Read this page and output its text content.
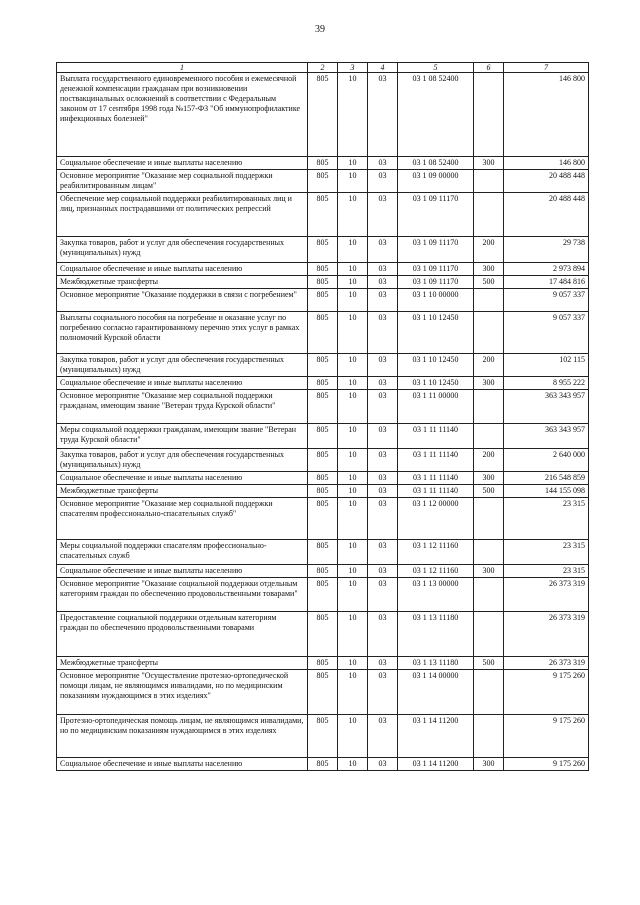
39
1	2	3	4	5	6	7
Выплата государственного единовременного пособия и ежемесячной денежной компенсации гражданам при возникновении поствакцинальных осложнений в соответствии с Федеральным законом от 17 сентября 1998 года №157-ФЗ "Об иммунопрофилактике инфекционных болезней"	805	10	03	03 1 08 52400		146 800
Социальное обеспечение и иные выплаты населению	805	10	03	03 1 08 52400	300	146 800
Основное мероприятие "Оказание мер социальной поддержки реабилитированным лицам"	805	10	03	03 1 09 00000		20 488 448
Обеспечение мер социальной поддержки реабилитированных лиц и лиц, признанных пострадавшими от политических репрессий	805	10	03	03 1 09 11170		20 488 448
Закупка товаров, работ и услуг для обеспечения государственных (муниципальных) нужд	805	10	03	03 1 09 11170	200	29 738
Социальное обеспечение и иные выплаты населению	805	10	03	03 1 09 11170	300	2 973 894
Межбюджетные трансферты	805	10	03	03 1 09 11170	500	17 484 816
Основное мероприятие "Оказание поддержки в связи с погребением"	805	10	03	03 1 10 00000		9 057 337
Выплаты социального пособия на погребение и оказание услуг по погребению согласно гарантированному перечню этих услуг в рамках полномочий Курской области	805	10	03	03 1 10 12450		9 057 337
Закупка товаров, работ и услуг для обеспечения государственных (муниципальных) нужд	805	10	03	03 1 10 12450	200	102 115
Социальное обеспечение и иные выплаты населению	805	10	03	03 1 10 12450	300	8 955 222
Основное мероприятие "Оказание мер социальной поддержки гражданам, имеющим звание "Ветеран труда Курской области"	805	10	03	03 1 11 00000		363 343 957
Меры социальной поддержки гражданам, имеющим звание "Ветеран труда Курской области"	805	10	03	03 1 11 11140		363 343 957
Закупка товаров, работ и услуг для обеспечения государственных (муниципальных) нужд	805	10	03	03 1 11 11140	200	2 640 000
Социальное обеспечение и иные выплаты населению	805	10	03	03 1 11 11140	300	216 548 859
Межбюджетные трансферты	805	10	03	03 1 11 11140	500	144 155 098
Основное мероприятие "Оказание мер социальной поддержки спасателям профессионально-спасательных служб"	805	10	03	03 1 12 00000		23 315
Меры социальной поддержки спасателям профессионально-спасательных служб	805	10	03	03 1 12 11160		23 315
Социальное обеспечение и иные выплаты населению	805	10	03	03 1 12 11160	300	23 315
Основное мероприятие "Оказание социальной поддержки отдельным категориям граждан по обеспечению продовольственными товарами"	805	10	03	03 1 13 00000		26 373 319
Предоставление социальной поддержки отдельным категориям граждан по обеспечению продовольственными товарами	805	10	03	03 1 13 11180		26 373 319
Межбюджетные трансферты	805	10	03	03 1 13 11180	500	26 373 319
Основное мероприятие "Осуществление протезно-ортопедической помощи лицам, не являющимся инвалидами, но по медицинским показаниям нуждающимся в этих изделиях"	805	10	03	03 1 14 00000		9 175 260
Протезно-ортопедическая помощь лицам, не являющимся инвалидами, но по медицинским показаниям нуждающимся в этих изделиях	805	10	03	03 1 14 11200		9 175 260
Социальное обеспечение и иные выплаты населению	805	10	03	03 1 14 11200	300	9 175 260
